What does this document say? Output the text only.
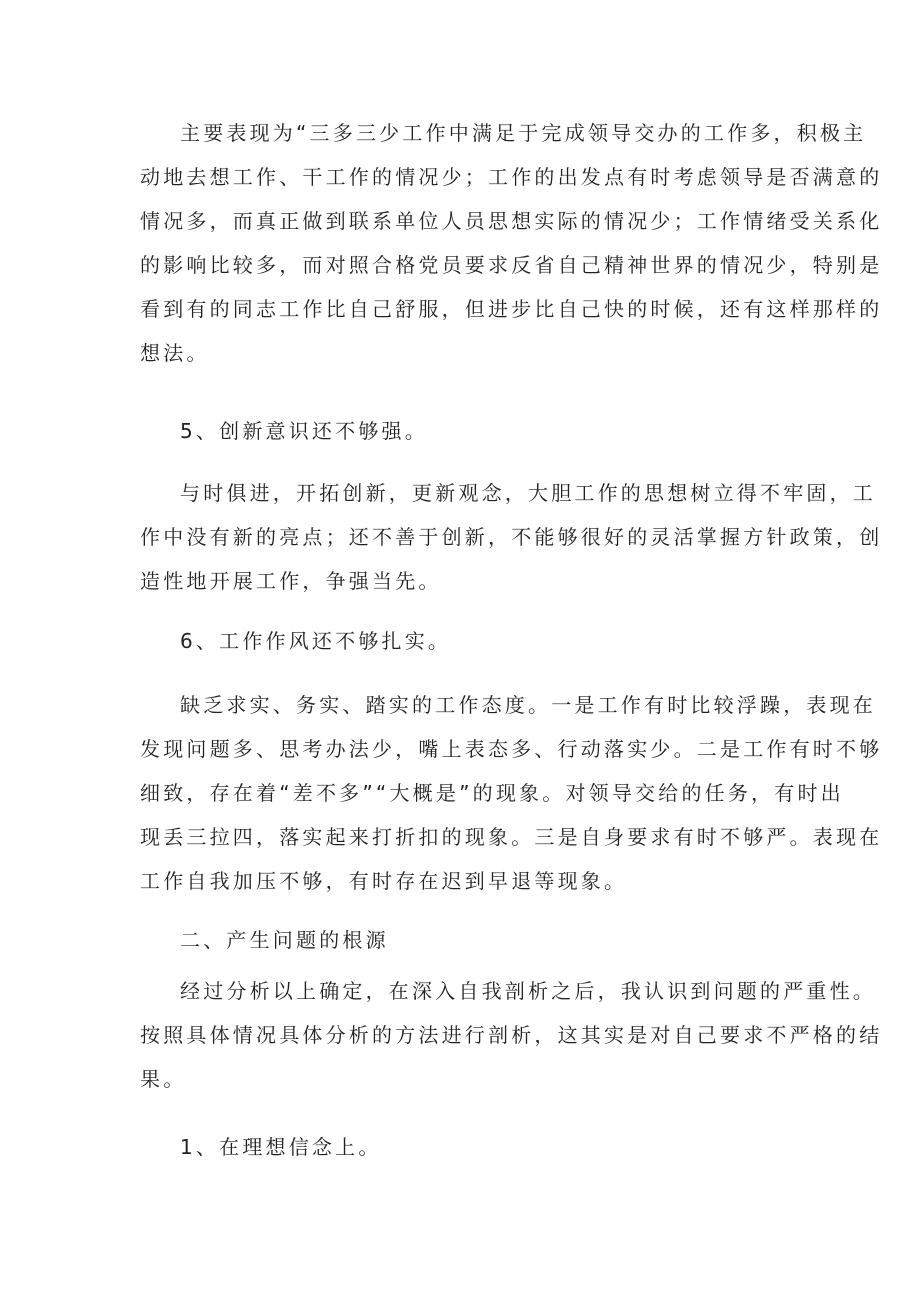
主要表现为“三多三少工作中满足于完成领导交办的工作多，积极主
动地去想工作、干工作的情况少；工作的出发点有时考虑领导是否满意的
情况多，而真正做到联系单位人员思想实际的情况少；工作情绪受关系化
的影响比较多，而对照合格党员要求反省自己精神世界的情况少，特别是
看到有的同志工作比自己舒服，但进步比自己快的时候，还有这样那样的
想法。
5、创新意识还不够强。
与时俱进，开拓创新，更新观念，大胆工作的思想树立得不牢固，工
作中没有新的亮点；还不善于创新，不能够很好的灵活掌握方针政策，创
造性地开展工作，争强当先。
6、工作作风还不够扎实。
缺乏求实、务实、踏实的工作态度。一是工作有时比较浮躁，表现在
发现问题多、思考办法少，嘴上表态多、行动落实少。二是工作有时不够
细致，存在着“差不多”“大概是”的现象。对领导交给的任务，有时出
现丢三拉四，落实起来打折扣的现象。三是自身要求有时不够严。表现在
工作自我加压不够，有时存在迟到早退等现象。
二、产生问题的根源
经过分析以上确定，在深入自我剖析之后，我认识到问题的严重性。
按照具体情况具体分析的方法进行剖析，这其实是对自己要求不严格的结
果。
1、在理想信念上。
